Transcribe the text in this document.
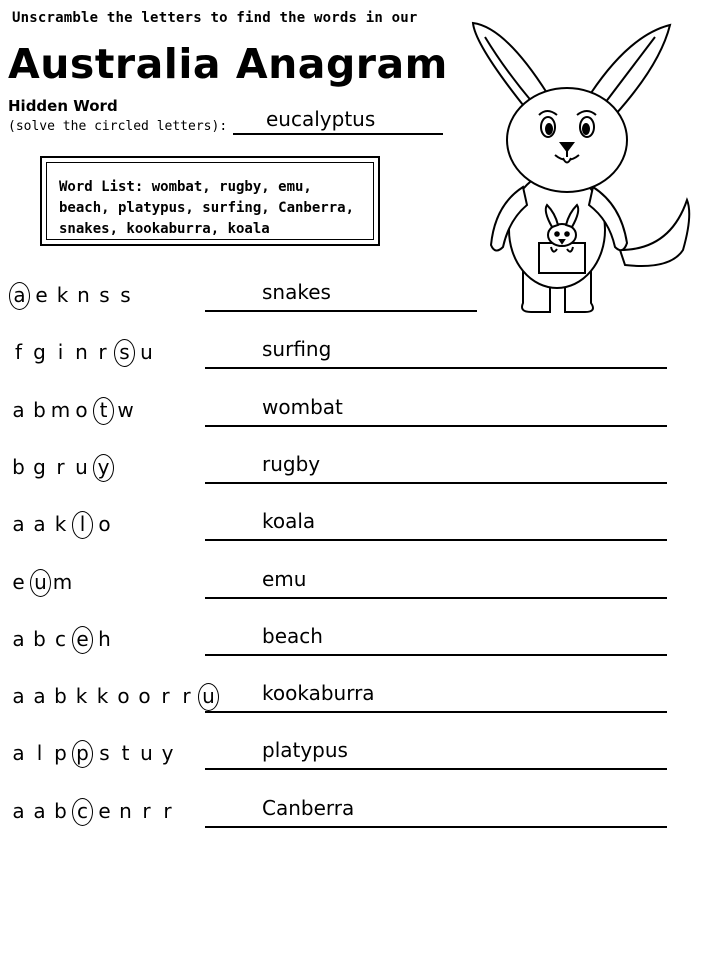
Unscramble the letters to find the words in our
Australia Anagram
Hidden Word
(solve the circled letters): eucalyptus
Word List: wombat, rugby, emu,
beach, platypus, surfing, Canberra,
snakes, kookaburra, koala
a e k n s s	snakes
f g i n r s u	surfing
a b m o t w	wombat
b g r u y	rugby
a a k l o	koala
e u m	emu
a b c e h	beach
a a b k k o o r r u kookaburra
a l p p s t u y	platypus
a a b c e n r r	Canberra
